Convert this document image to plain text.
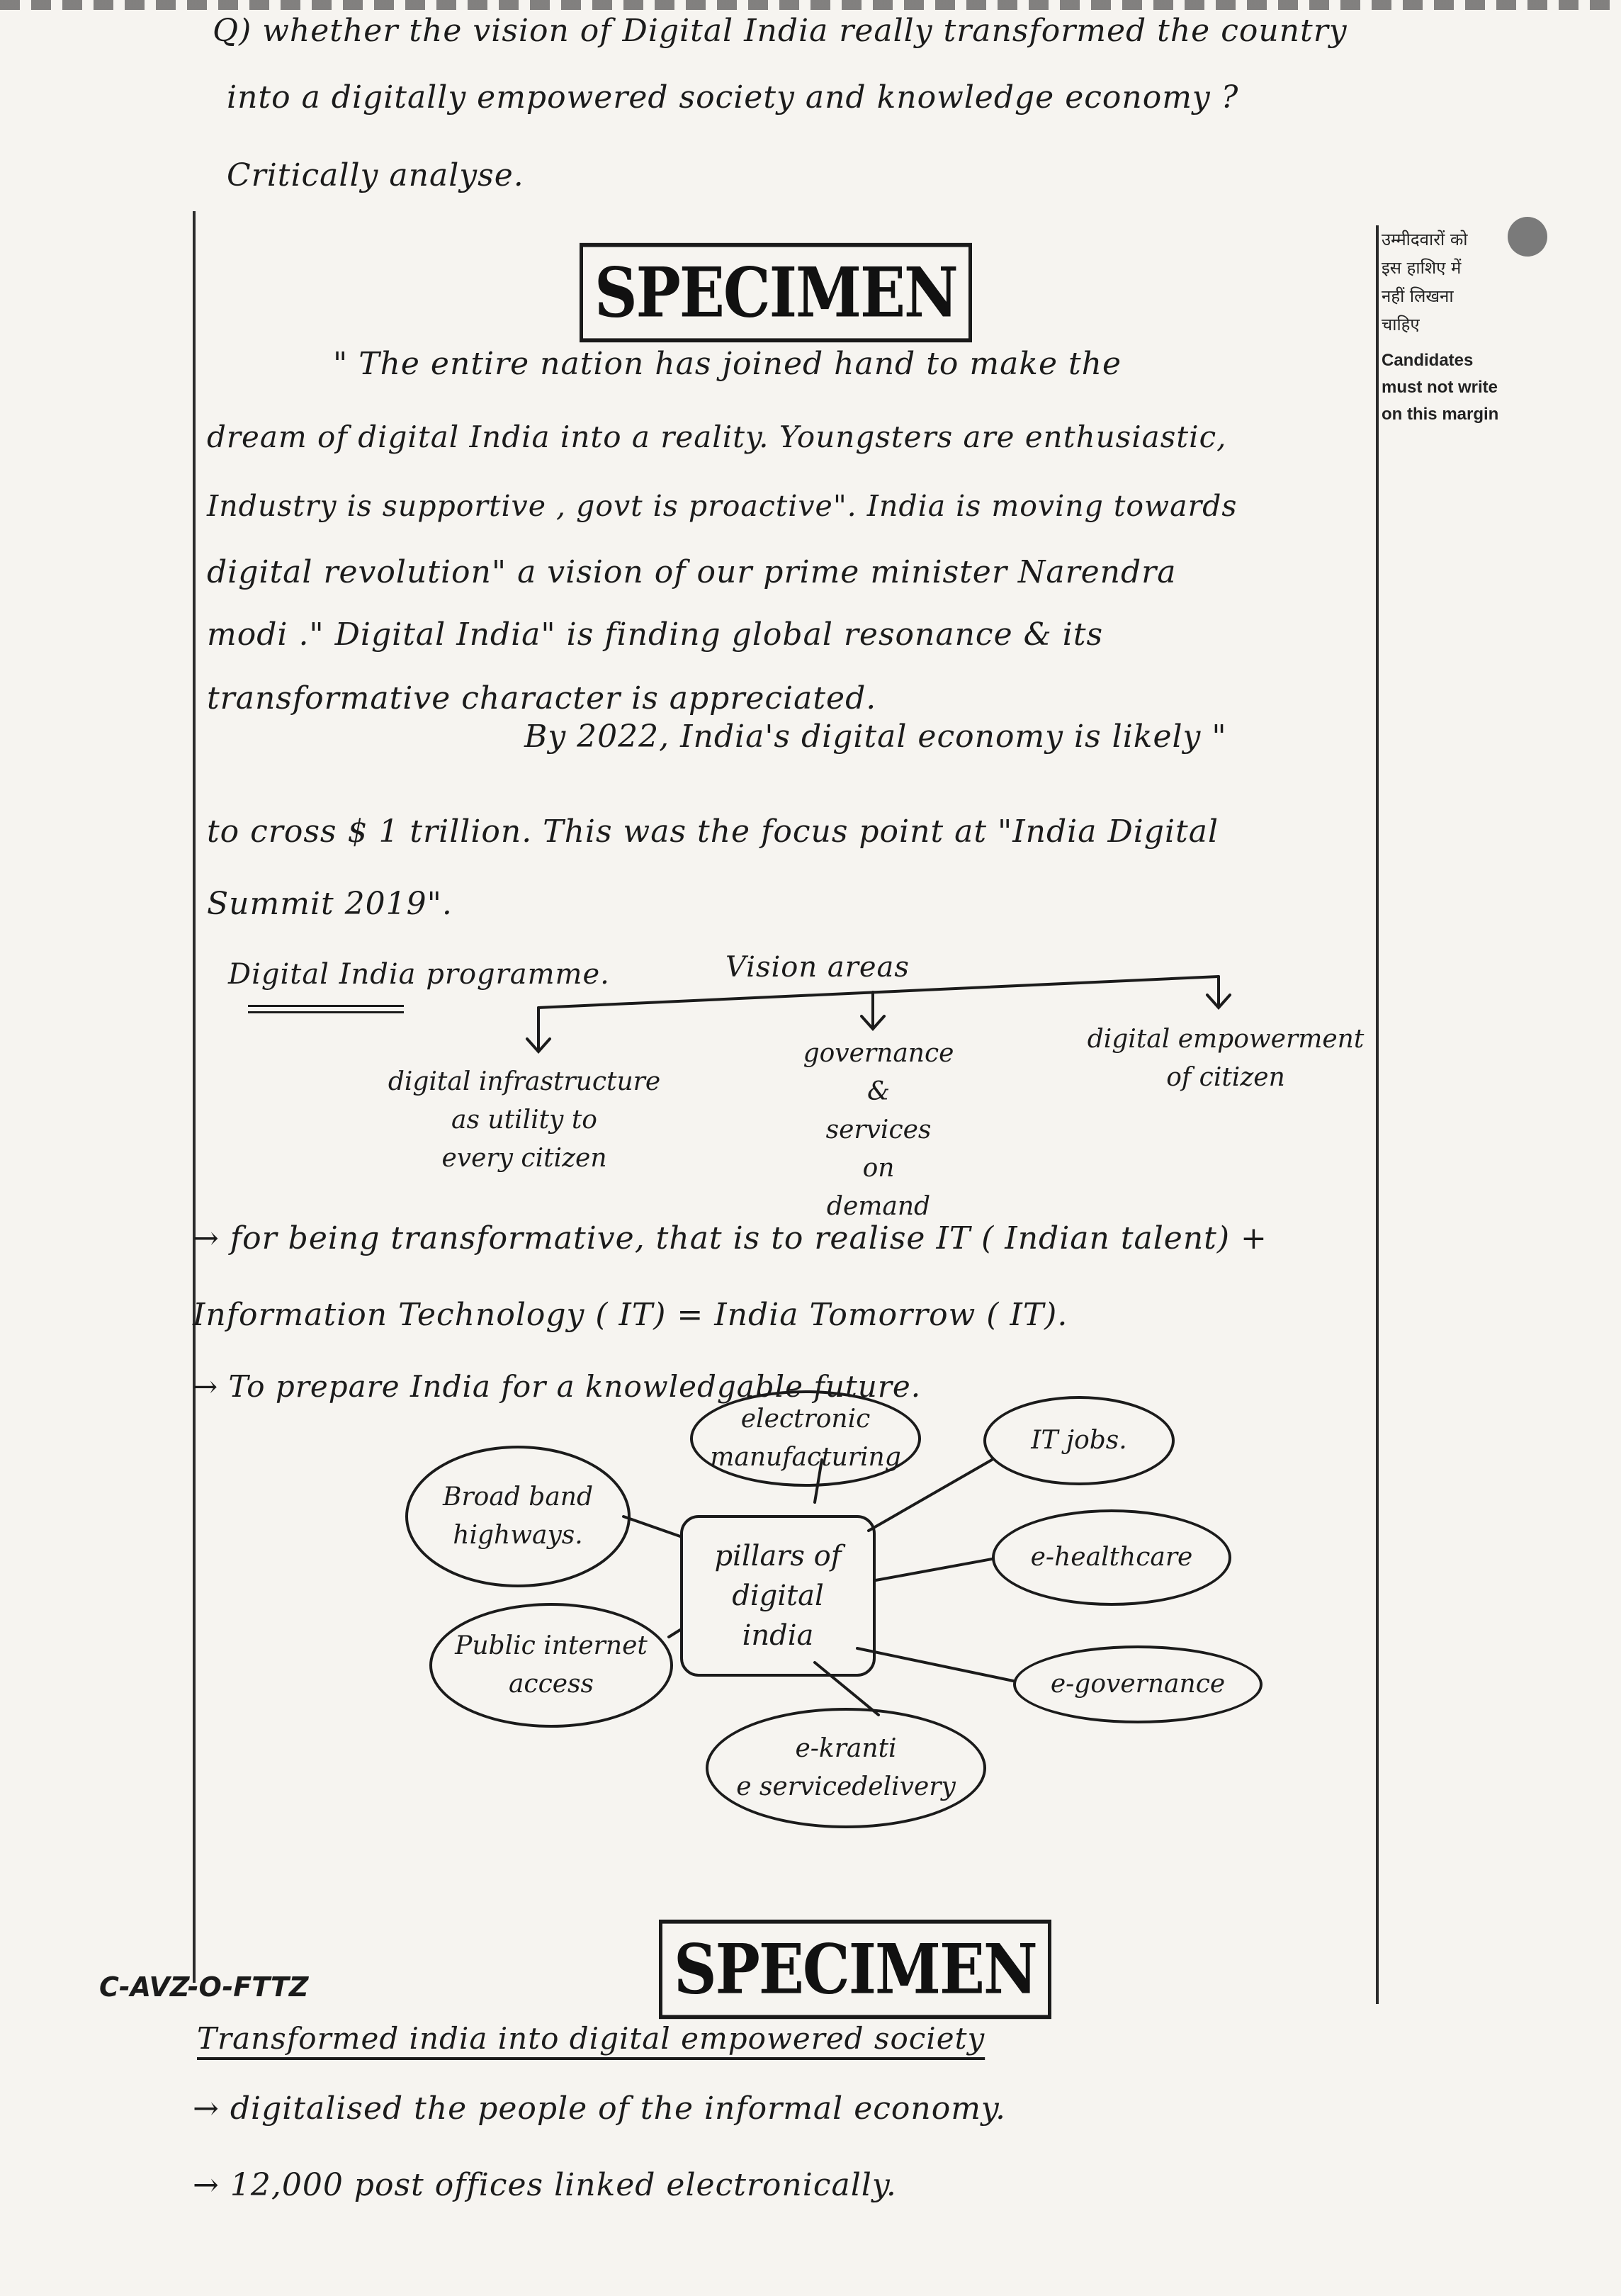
Q) whether the vision of Digital India really transformed the country
into a digitally empowered society and knowledge economy ?
Critically analyse.
उम्मीदवारों को
इस हाशिए में
नहीं लिखना
चाहिए
Candidates
must not write
on this margin
SPECIMEN
" The entire nation has joined hand to make the
dream of digital India into a reality. Youngsters are enthusiastic,
Industry is supportive , govt is proactive". India is moving towards
digital revolution" a vision of our prime minister Narendra
modi ." Digital India" is finding global resonance & its
transformative character is appreciated.
By 2022, India's digital economy is likely "
to cross $ 1 trillion. This was the focus point at "India Digital
Summit 2019".
Digital India programme.	Vision areas
digital infrastructure
as utility to
every citizen
governance
&
services
on
demand
digital empowerment
of citizen
→ for being transformative, that is to realise IT ( Indian talent) +
Information Technology ( IT) = India Tomorrow ( IT).
→ To prepare India for a knowledgable future.
pillars of
digital
india
Broad band
highways.
electronic
manufacturing
IT jobs.
e-healthcare
e-governance
e-kranti
e servicedelivery
Public internet
access
SPECIMEN
C-AVZ-O-FTTZ
Transformed india into digital empowered society
→ digitalised the people of the informal economy.
→ 12,000 post offices linked electronically.
